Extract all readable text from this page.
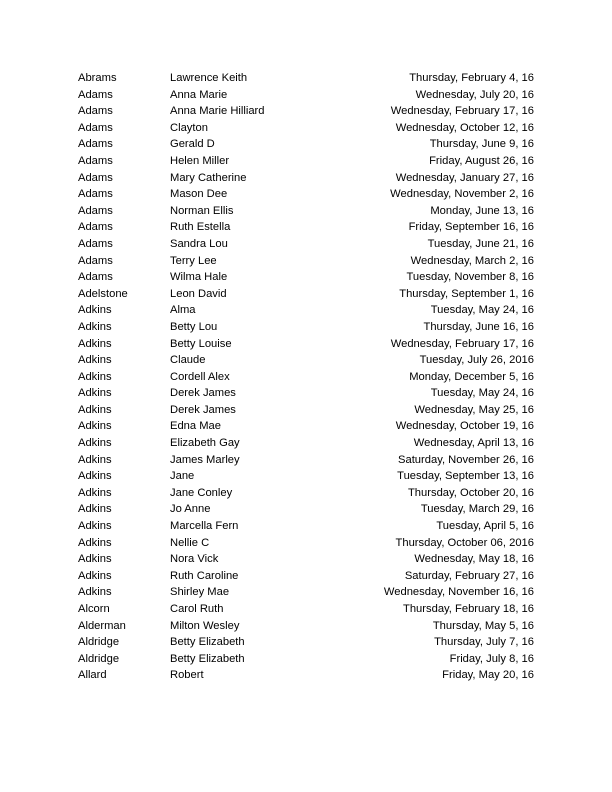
Abrams	Lawrence Keith	Thursday, February 4, 16
Adams	Anna Marie	Wednesday, July 20, 16
Adams	Anna Marie Hilliard	Wednesday, February 17, 16
Adams	Clayton	Wednesday, October 12, 16
Adams	Gerald D	Thursday, June 9, 16
Adams	Helen Miller	Friday, August 26, 16
Adams	Mary Catherine	Wednesday, January 27, 16
Adams	Mason Dee	Wednesday, November 2, 16
Adams	Norman Ellis	Monday, June 13, 16
Adams	Ruth Estella	Friday, September 16, 16
Adams	Sandra Lou	Tuesday, June 21, 16
Adams	Terry Lee	Wednesday, March 2, 16
Adams	Wilma Hale	Tuesday, November 8, 16
Adelstone	Leon David	Thursday, September 1, 16
Adkins	Alma	Tuesday, May 24, 16
Adkins	Betty Lou	Thursday, June 16, 16
Adkins	Betty Louise	Wednesday, February 17, 16
Adkins	Claude	Tuesday, July 26, 2016
Adkins	Cordell Alex	Monday, December 5, 16
Adkins	Derek James	Tuesday, May 24, 16
Adkins	Derek James	Wednesday, May 25, 16
Adkins	Edna Mae	Wednesday, October 19, 16
Adkins	Elizabeth Gay	Wednesday, April 13, 16
Adkins	James Marley	Saturday, November 26, 16
Adkins	Jane	Tuesday, September 13, 16
Adkins	Jane Conley	Thursday, October 20, 16
Adkins	Jo Anne	Tuesday, March 29, 16
Adkins	Marcella Fern	Tuesday, April 5, 16
Adkins	Nellie C	Thursday, October 06, 2016
Adkins	Nora Vick	Wednesday, May 18, 16
Adkins	Ruth Caroline	Saturday, February 27, 16
Adkins	Shirley Mae	Wednesday, November 16, 16
Alcorn	Carol Ruth	Thursday, February 18, 16
Alderman	Milton Wesley	Thursday, May 5, 16
Aldridge	Betty Elizabeth	Thursday, July 7, 16
Aldridge	Betty Elizabeth	Friday, July 8, 16
Allard	Robert	Friday, May 20, 16
